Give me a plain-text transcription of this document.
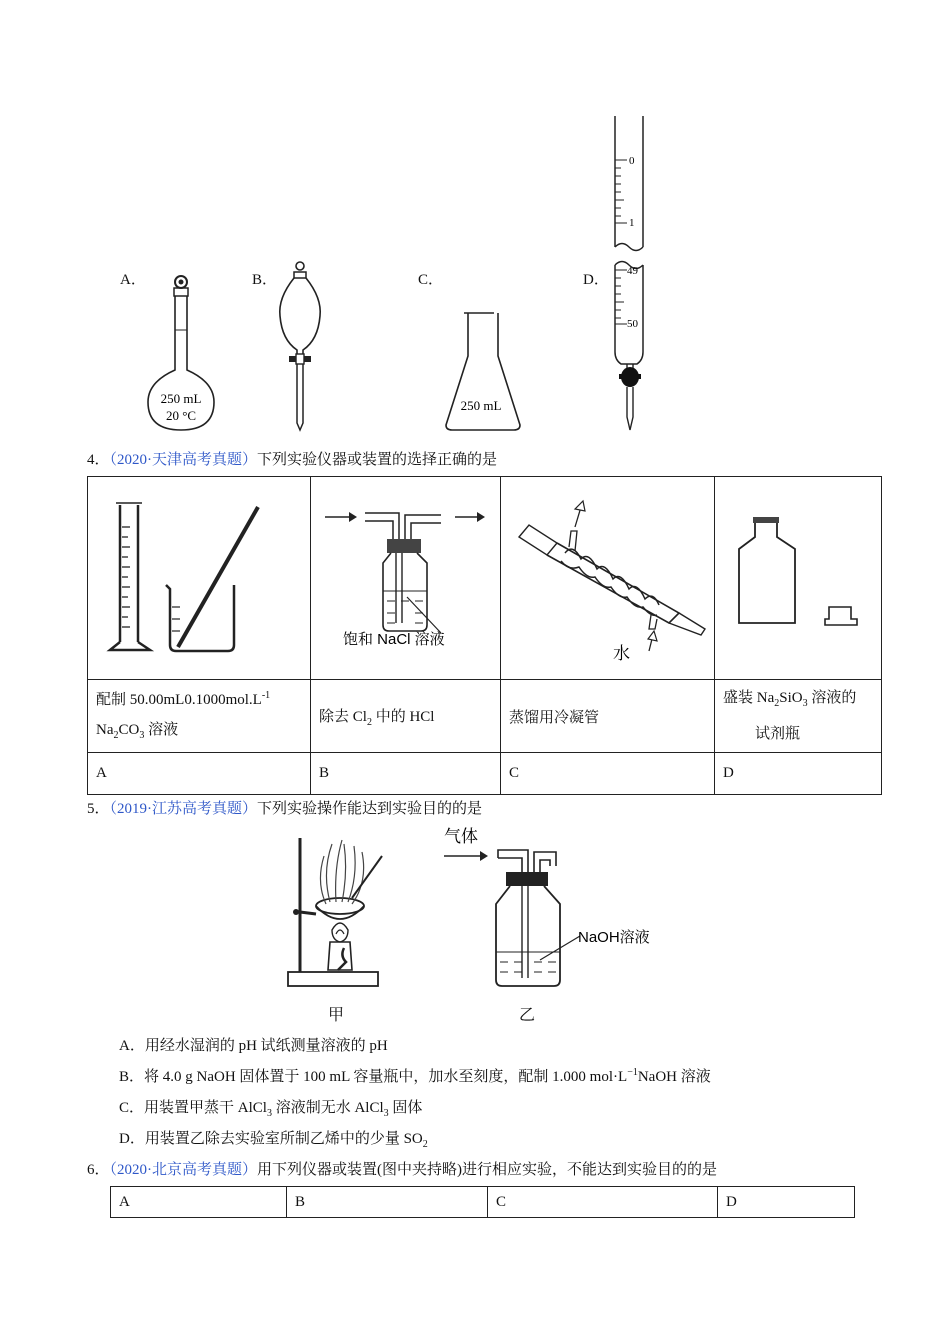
A．	B．	C．	D．
250 mL
20 °C
250 mL
0
1
49
50
4．（2020·天津高考真题）下列实验仪器或装置的选择正确的是

饱和 NaCl 溶液	水

配制 $50.00mL0.1000mol.L^{-1}$
$Na_2CO_3$ 溶液	除去 $Cl_2$ 中的 HCl	蒸馏用冷凝管	盛装 $Na_2SiO_3$ 溶液的
试剂瓶
A	B	C	D
5．（2019·江苏高考真题）下列实验操作能达到实验目的的是
气体
NaOH溶液
甲	乙
A．用经水湿润的 pH 试纸测量溶液的 pH
B．将 4.0 g NaOH 固体置于 100 mL 容量瓶中，加水至刻度，配制 1.000 $mol\cdot L^{-1}NaOH$ 溶液
C．用装置甲蒸干 AlCl$_3$ 溶液制无水 AlCl$_3$ 固体
D．用装置乙除去实验室所制乙烯中的少量 $SO_2$
6．（2020·北京高考真题）用下列仪器或装置(图中夹持略)进行相应实验，不能达到实验目的的是
A	B	C	D
